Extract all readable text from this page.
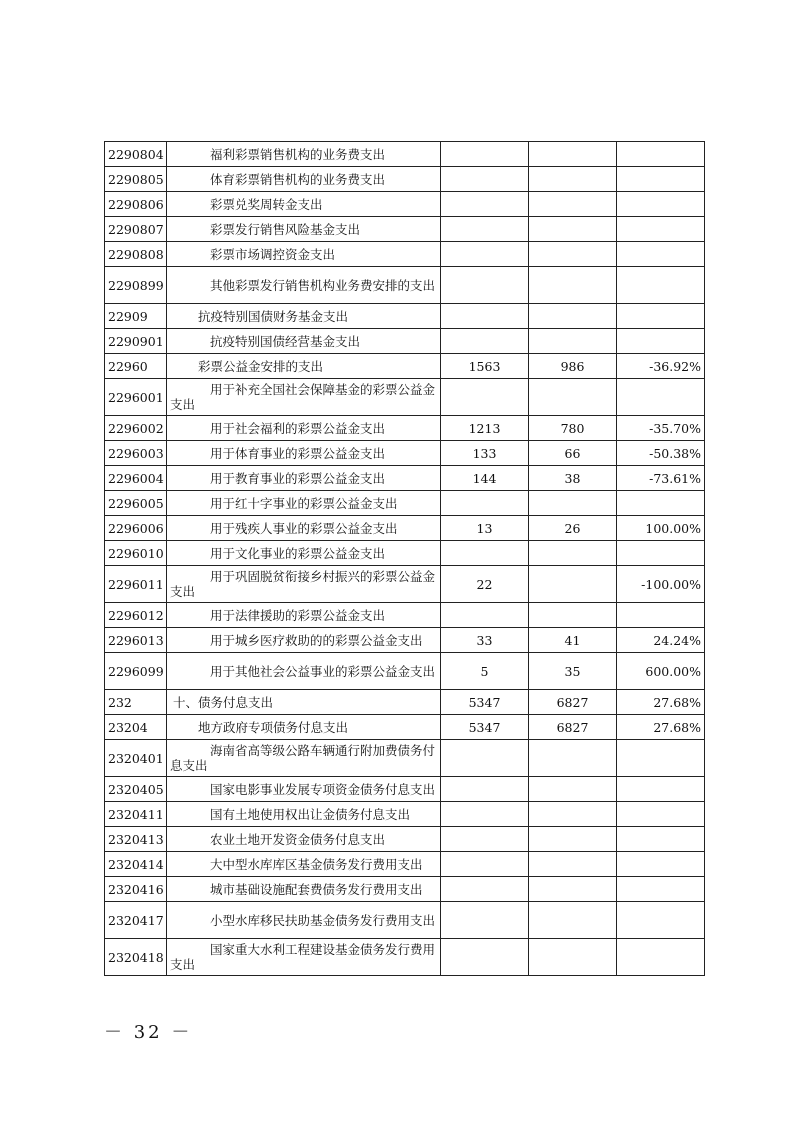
2290804	福利彩票销售机构的业务费支出			
2290805	体育彩票销售机构的业务费支出			
2290806	彩票兑奖周转金支出			
2290807	彩票发行销售风险基金支出			
2290808	彩票市场调控资金支出			
2290899	其他彩票发行销售机构业务费安排的支出			
22909	抗疫特别国债财务基金支出			
2290901	抗疫特别国债经营基金支出			
22960	彩票公益金安排的支出	1563	986	-36.92%
2296001	用于补充全国社会保障基金的彩票公益金支出			
2296002	用于社会福利的彩票公益金支出	1213	780	-35.70%
2296003	用于体育事业的彩票公益金支出	133	66	-50.38%
2296004	用于教育事业的彩票公益金支出	144	38	-73.61%
2296005	用于红十字事业的彩票公益金支出			
2296006	用于残疾人事业的彩票公益金支出	13	26	100.00%
2296010	用于文化事业的彩票公益金支出			
2296011	用于巩固脱贫衔接乡村振兴的彩票公益金支出	22		-100.00%
2296012	用于法律援助的彩票公益金支出			
2296013	用于城乡医疗救助的的彩票公益金支出	33	41	24.24%
2296099	用于其他社会公益事业的彩票公益金支出	5	35	600.00%
232	十、债务付息支出	5347	6827	27.68%
23204	地方政府专项债务付息支出	5347	6827	27.68%
2320401	海南省高等级公路车辆通行附加费债务付息支出			
2320405	国家电影事业发展专项资金债务付息支出			
2320411	国有土地使用权出让金债务付息支出			
2320413	农业土地开发资金债务付息支出			
2320414	大中型水库库区基金债务发行费用支出			
2320416	城市基础设施配套费债务发行费用支出			
2320417	小型水库移民扶助基金债务发行费用支出			
2320418	国家重大水利工程建设基金债务发行费用支出			
－ 32 －
